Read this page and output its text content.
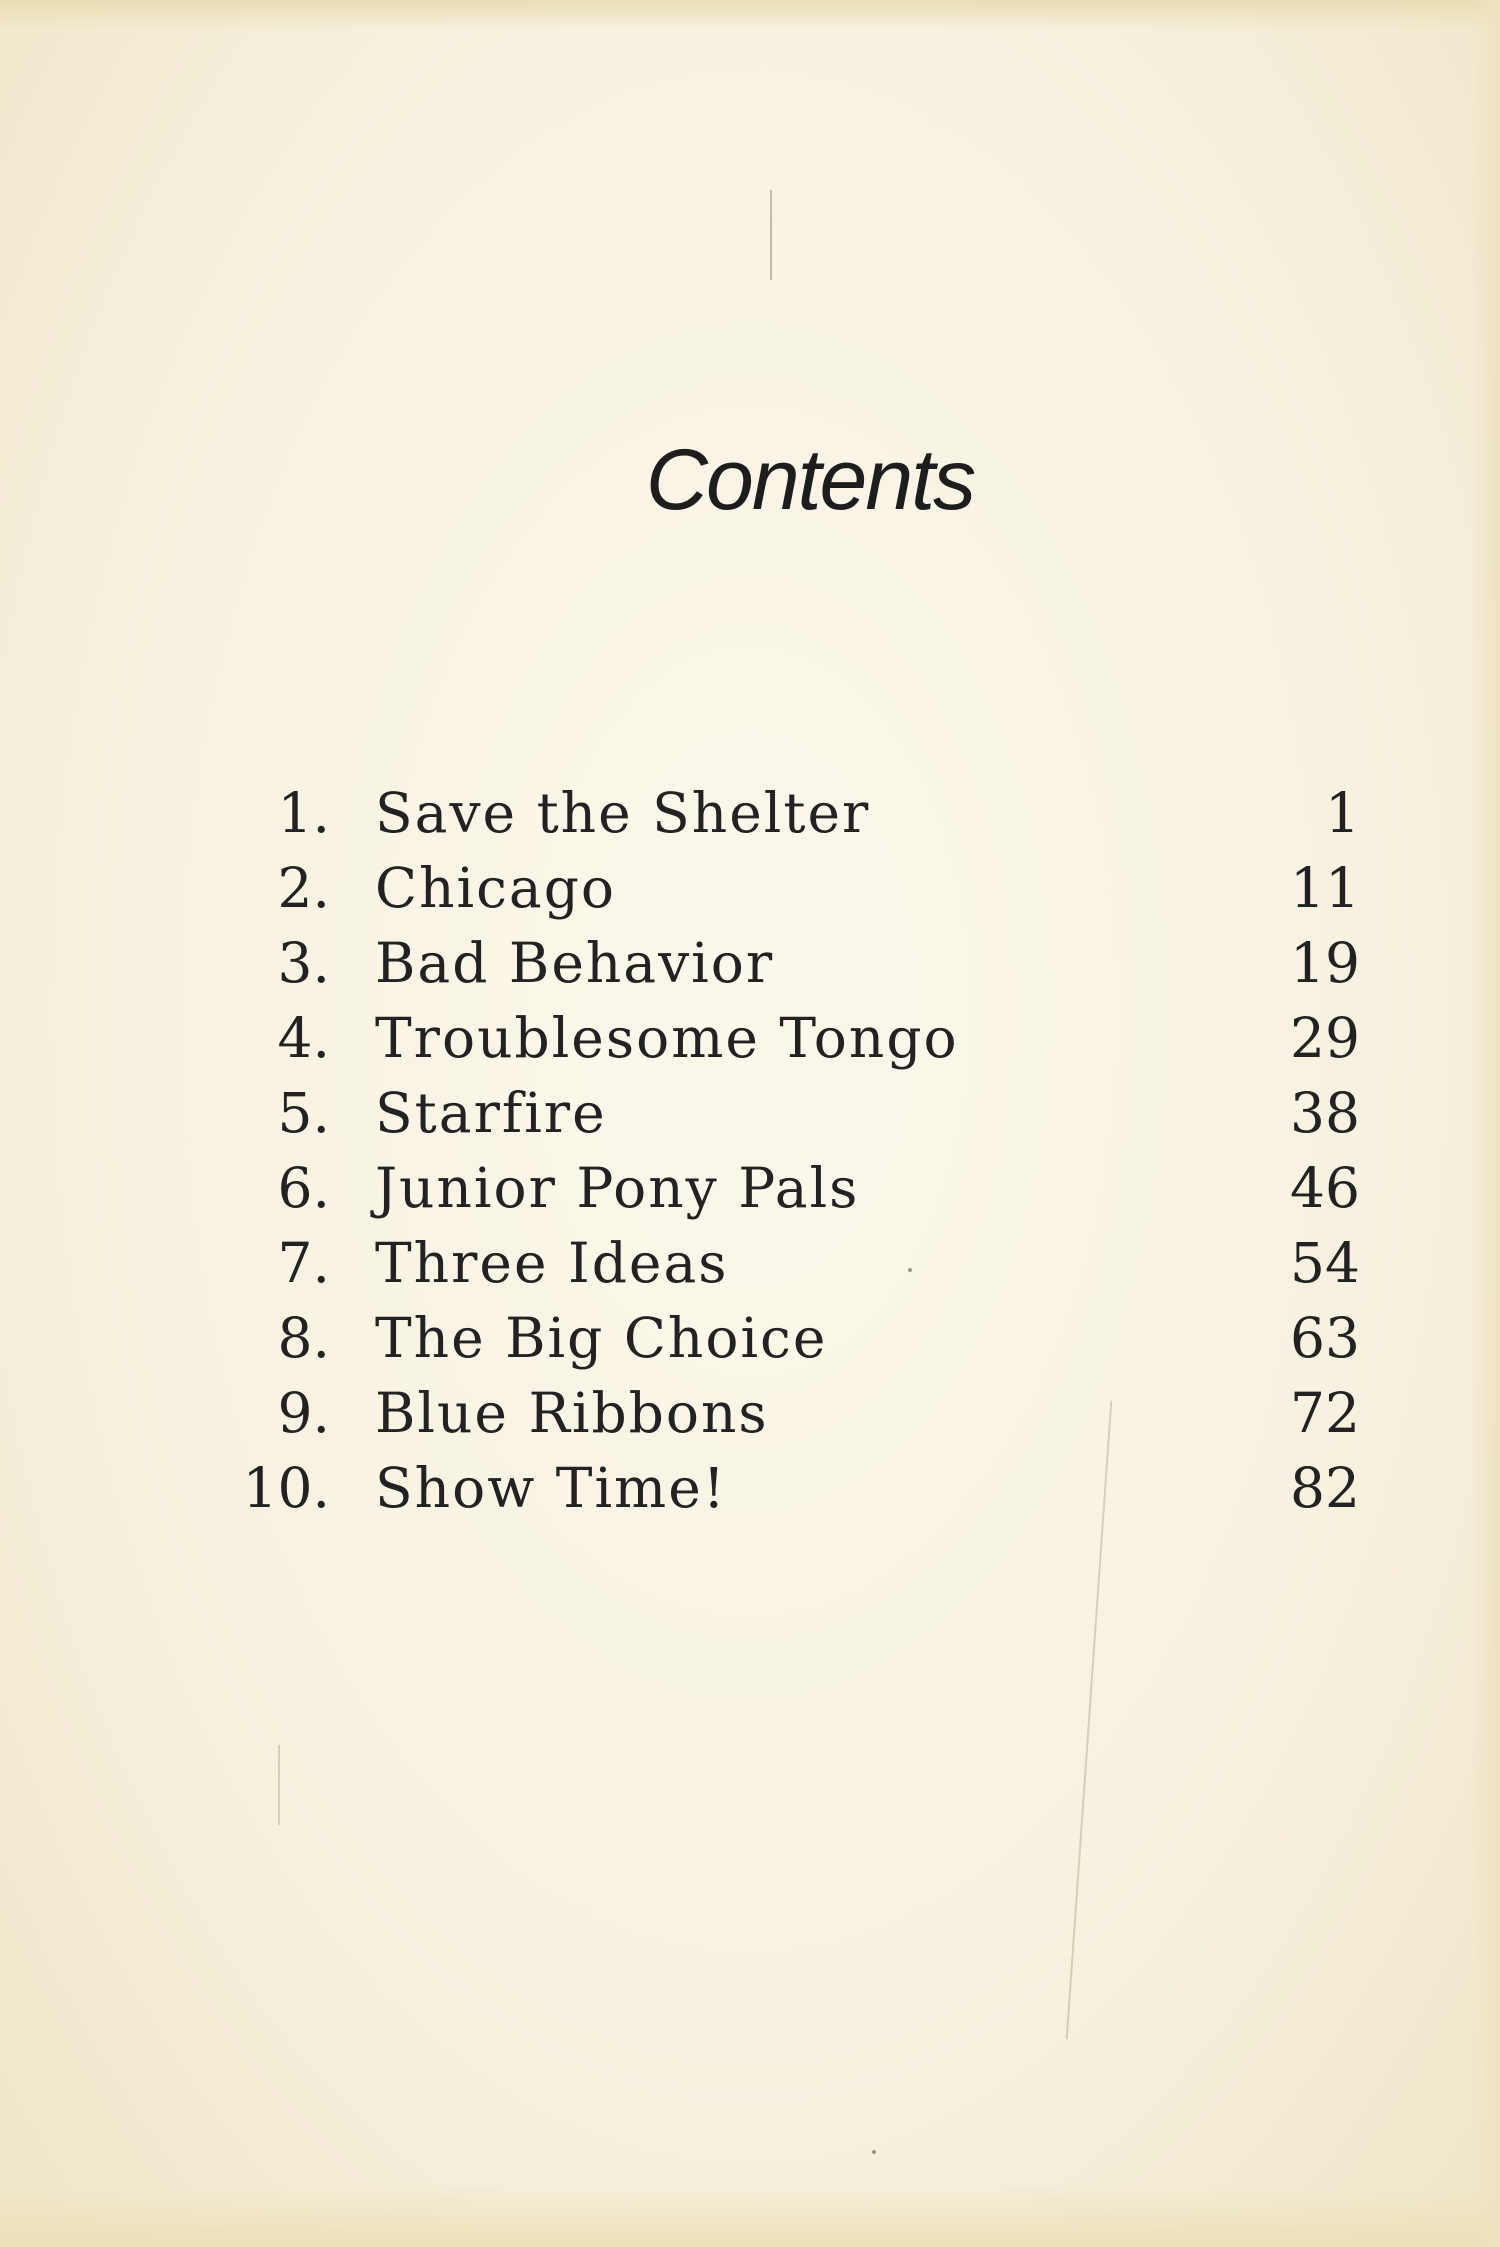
Contents
1. Save the Shelter	1
2. Chicago	11
3. Bad Behavior	19
4. Troublesome Tongo	29
5. Starfire	38
6. Junior Pony Pals	46
7. Three Ideas	54
8. The Big Choice	63
9. Blue Ribbons	72
10. Show Time!	82
